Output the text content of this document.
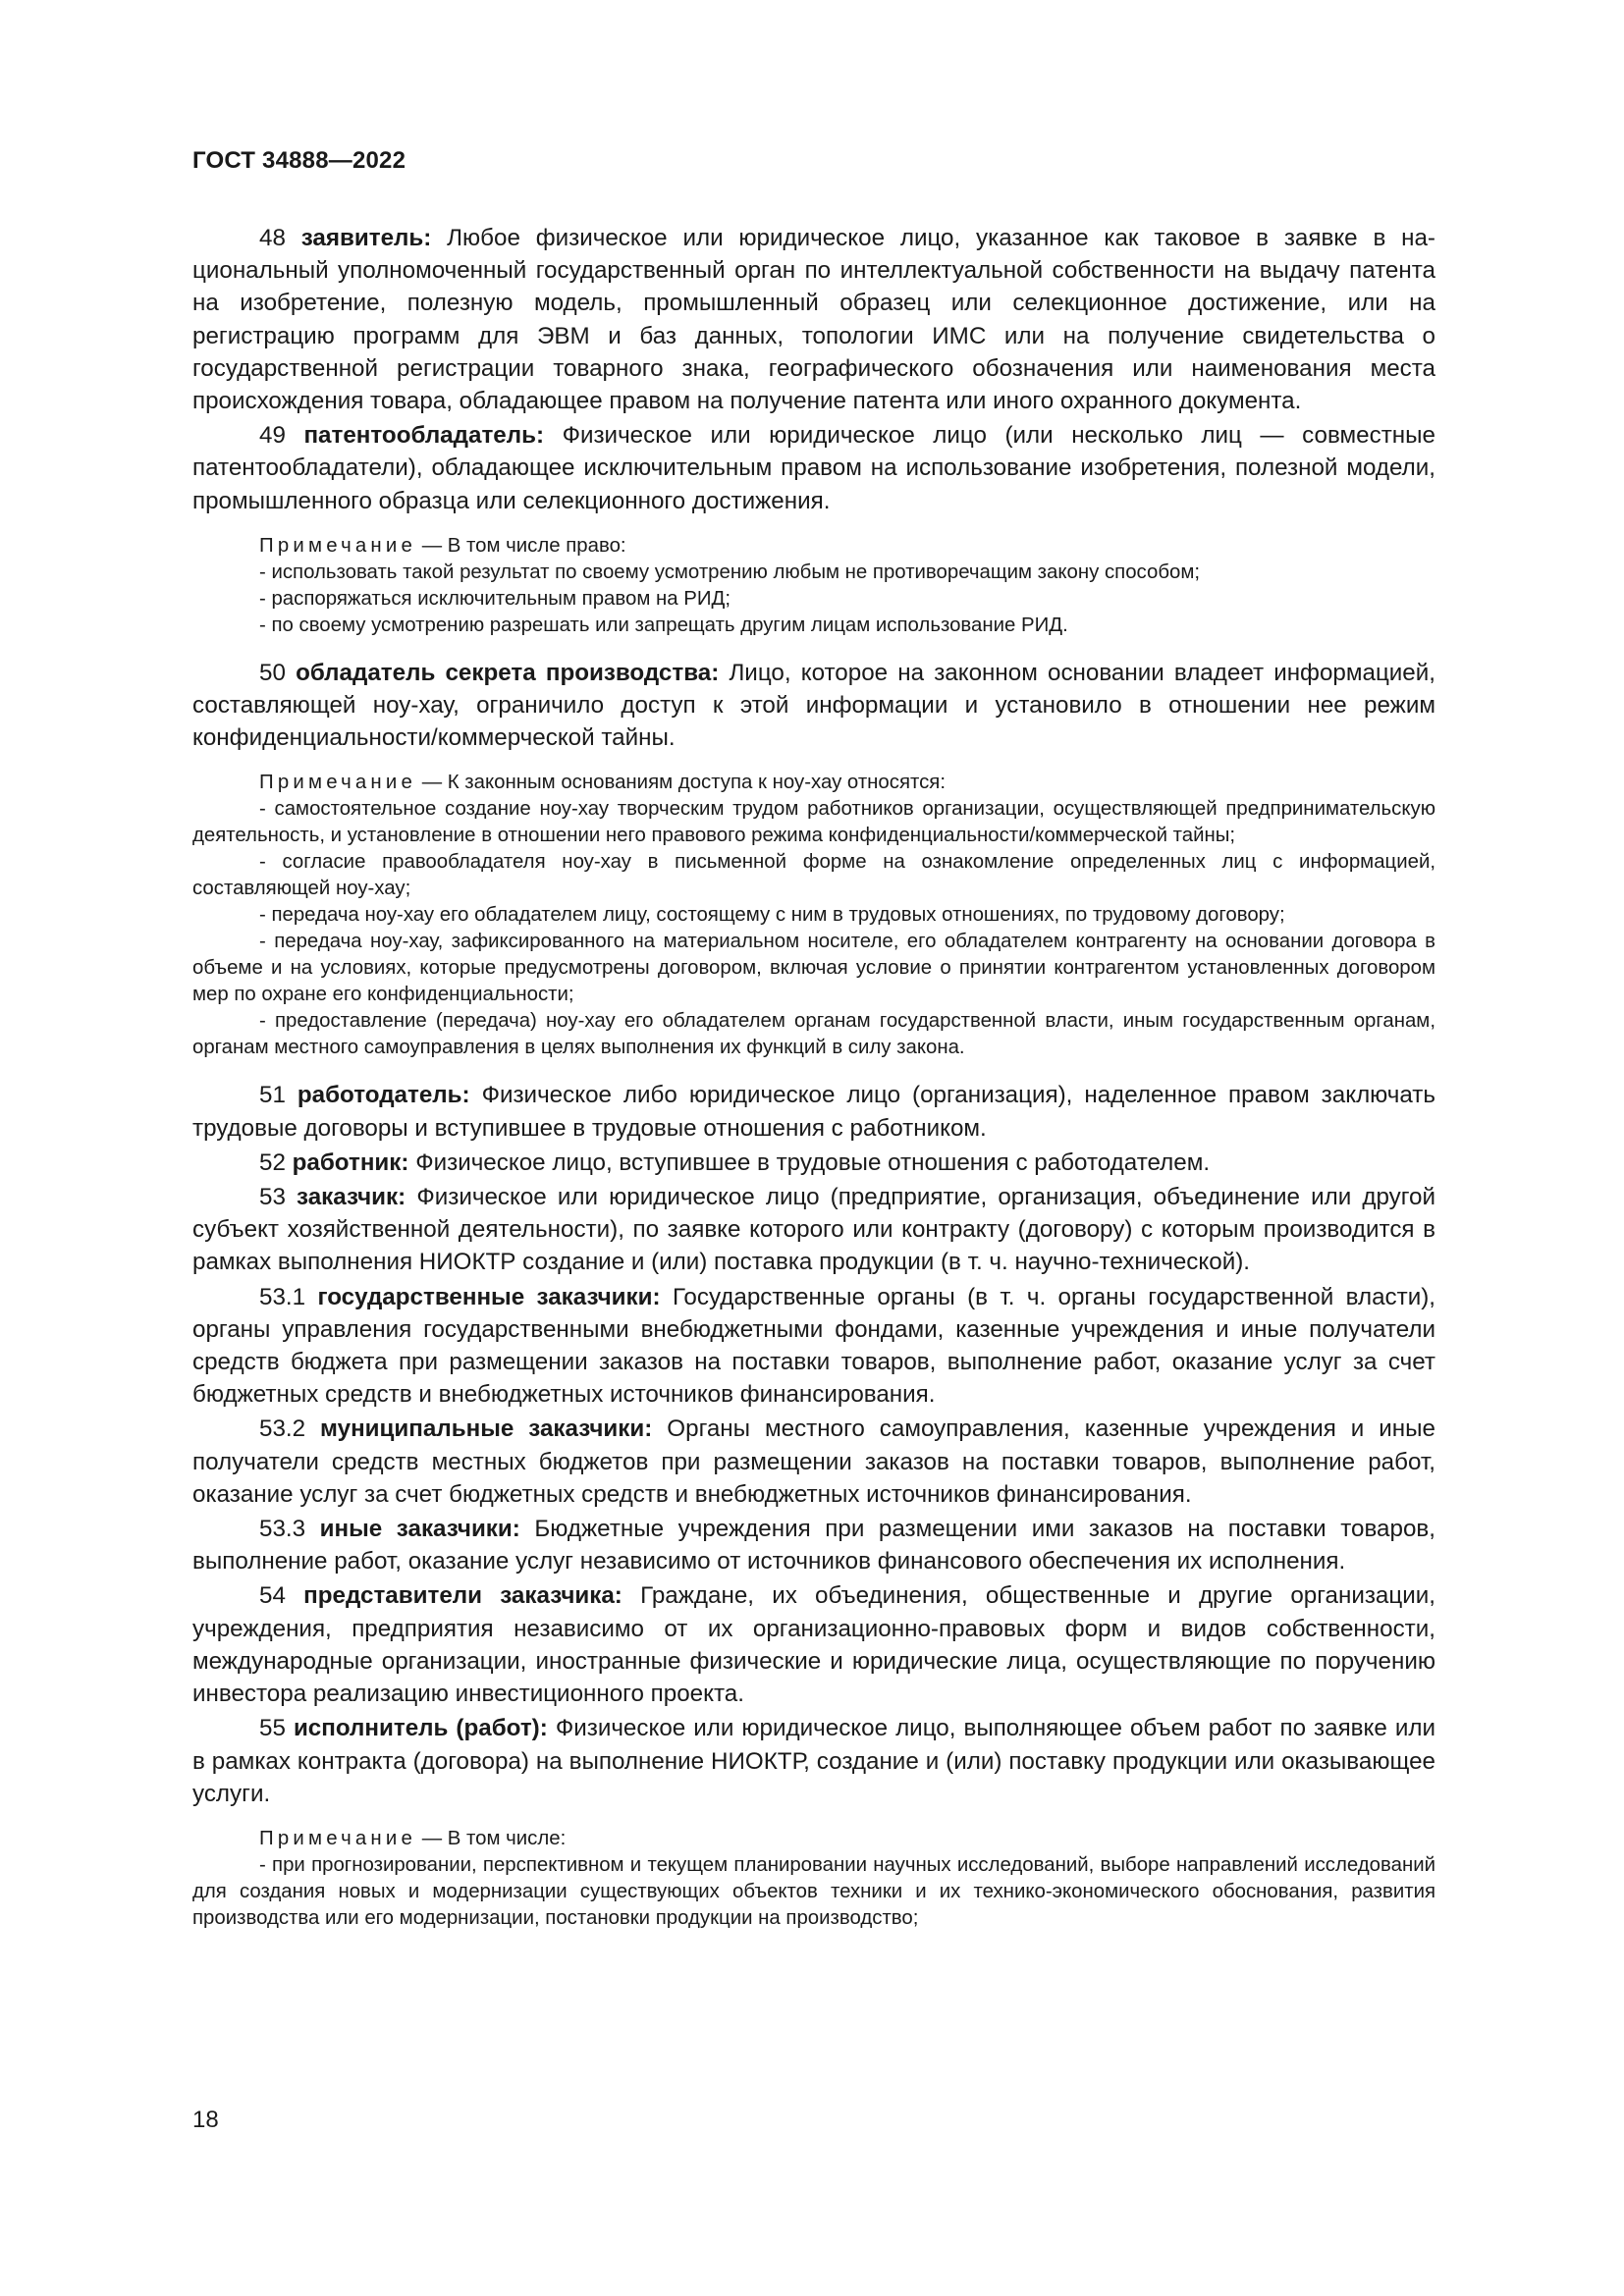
ГОСТ 34888—2022

48 заявитель: Любое физическое или юридическое лицо, указанное как таковое в заявке в национальный уполномоченный государственный орган по интеллектуальной собственности на выдачу патента на изобретение, полезную модель, промышленный образец или селекционное достижение, или на регистрацию программ для ЭВМ и баз данных, топологии ИМС или на получение свидетельства о государственной регистрации товарного знака, географического обозначения или наименования места происхождения товара, обладающее правом на получение патента или иного охранного документа.

49 патентообладатель: Физическое или юридическое лицо (или несколько лиц — совместные патентообладатели), обладающее исключительным правом на использование изобретения, полезной модели, промышленного образца или селекционного достижения.

Примечание — В том числе право:

- использовать такой результат по своему усмотрению любым не противоречащим закону способом;

- распоряжаться исключительным правом на РИД;

- по своему усмотрению разрешать или запрещать другим лицам использование РИД.

50 обладатель секрета производства: Лицо, которое на законном основании владеет информацией, составляющей ноу-хау, ограничило доступ к этой информации и установило в отношении нее режим конфиденциальности/коммерческой тайны.

Примечание — К законным основаниям доступа к ноу-хау относятся:

- самостоятельное создание ноу-хау творческим трудом работников организации, осуществляющей предпринимательскую деятельность, и установление в отношении него правового режима конфиденциальности/коммерческой тайны;

- согласие правообладателя ноу-хау в письменной форме на ознакомление определенных лиц с информацией, составляющей ноу-хау;

- передача ноу-хау его обладателем лицу, состоящему с ним в трудовых отношениях, по трудовому договору;

- передача ноу-хау, зафиксированного на материальном носителе, его обладателем контрагенту на основании договора в объеме и на условиях, которые предусмотрены договором, включая условие о принятии контрагентом установленных договором мер по охране его конфиденциальности;

- предоставление (передача) ноу-хау его обладателем органам государственной власти, иным государственным органам, органам местного самоуправления в целях выполнения их функций в силу закона.

51 работодатель: Физическое либо юридическое лицо (организация), наделенное правом заключать трудовые договоры и вступившее в трудовые отношения с работником.

52 работник: Физическое лицо, вступившее в трудовые отношения с работодателем.

53 заказчик: Физическое или юридическое лицо (предприятие, организация, объединение или другой субъект хозяйственной деятельности), по заявке которого или контракту (договору) с которым производится в рамках выполнения НИОКТР создание и (или) поставка продукции (в т. ч. научно-технической).

53.1 государственные заказчики: Государственные органы (в т. ч. органы государственной власти), органы управления государственными внебюджетными фондами, казенные учреждения и иные получатели средств бюджета при размещении заказов на поставки товаров, выполнение работ, оказание услуг за счет бюджетных средств и внебюджетных источников финансирования.

53.2 муниципальные заказчики: Органы местного самоуправления, казенные учреждения и иные получатели средств местных бюджетов при размещении заказов на поставки товаров, выполнение работ, оказание услуг за счет бюджетных средств и внебюджетных источников финансирования.

53.3 иные заказчики: Бюджетные учреждения при размещении ими заказов на поставки товаров, выполнение работ, оказание услуг независимо от источников финансового обеспечения их исполнения.

54 представители заказчика: Граждане, их объединения, общественные и другие организации, учреждения, предприятия независимо от их организационно-правовых форм и видов собственности, международные организации, иностранные физические и юридические лица, осуществляющие по поручению инвестора реализацию инвестиционного проекта.

55 исполнитель (работ): Физическое или юридическое лицо, выполняющее объем работ по заявке или в рамках контракта (договора) на выполнение НИОКТР, создание и (или) поставку продукции или оказывающее услуги.

Примечание — В том числе:

- при прогнозировании, перспективном и текущем планировании научных исследований, выборе направлений исследований для создания новых и модернизации существующих объектов техники и их технико-экономического обоснования, развития производства или его модернизации, постановки продукции на производство;

18
